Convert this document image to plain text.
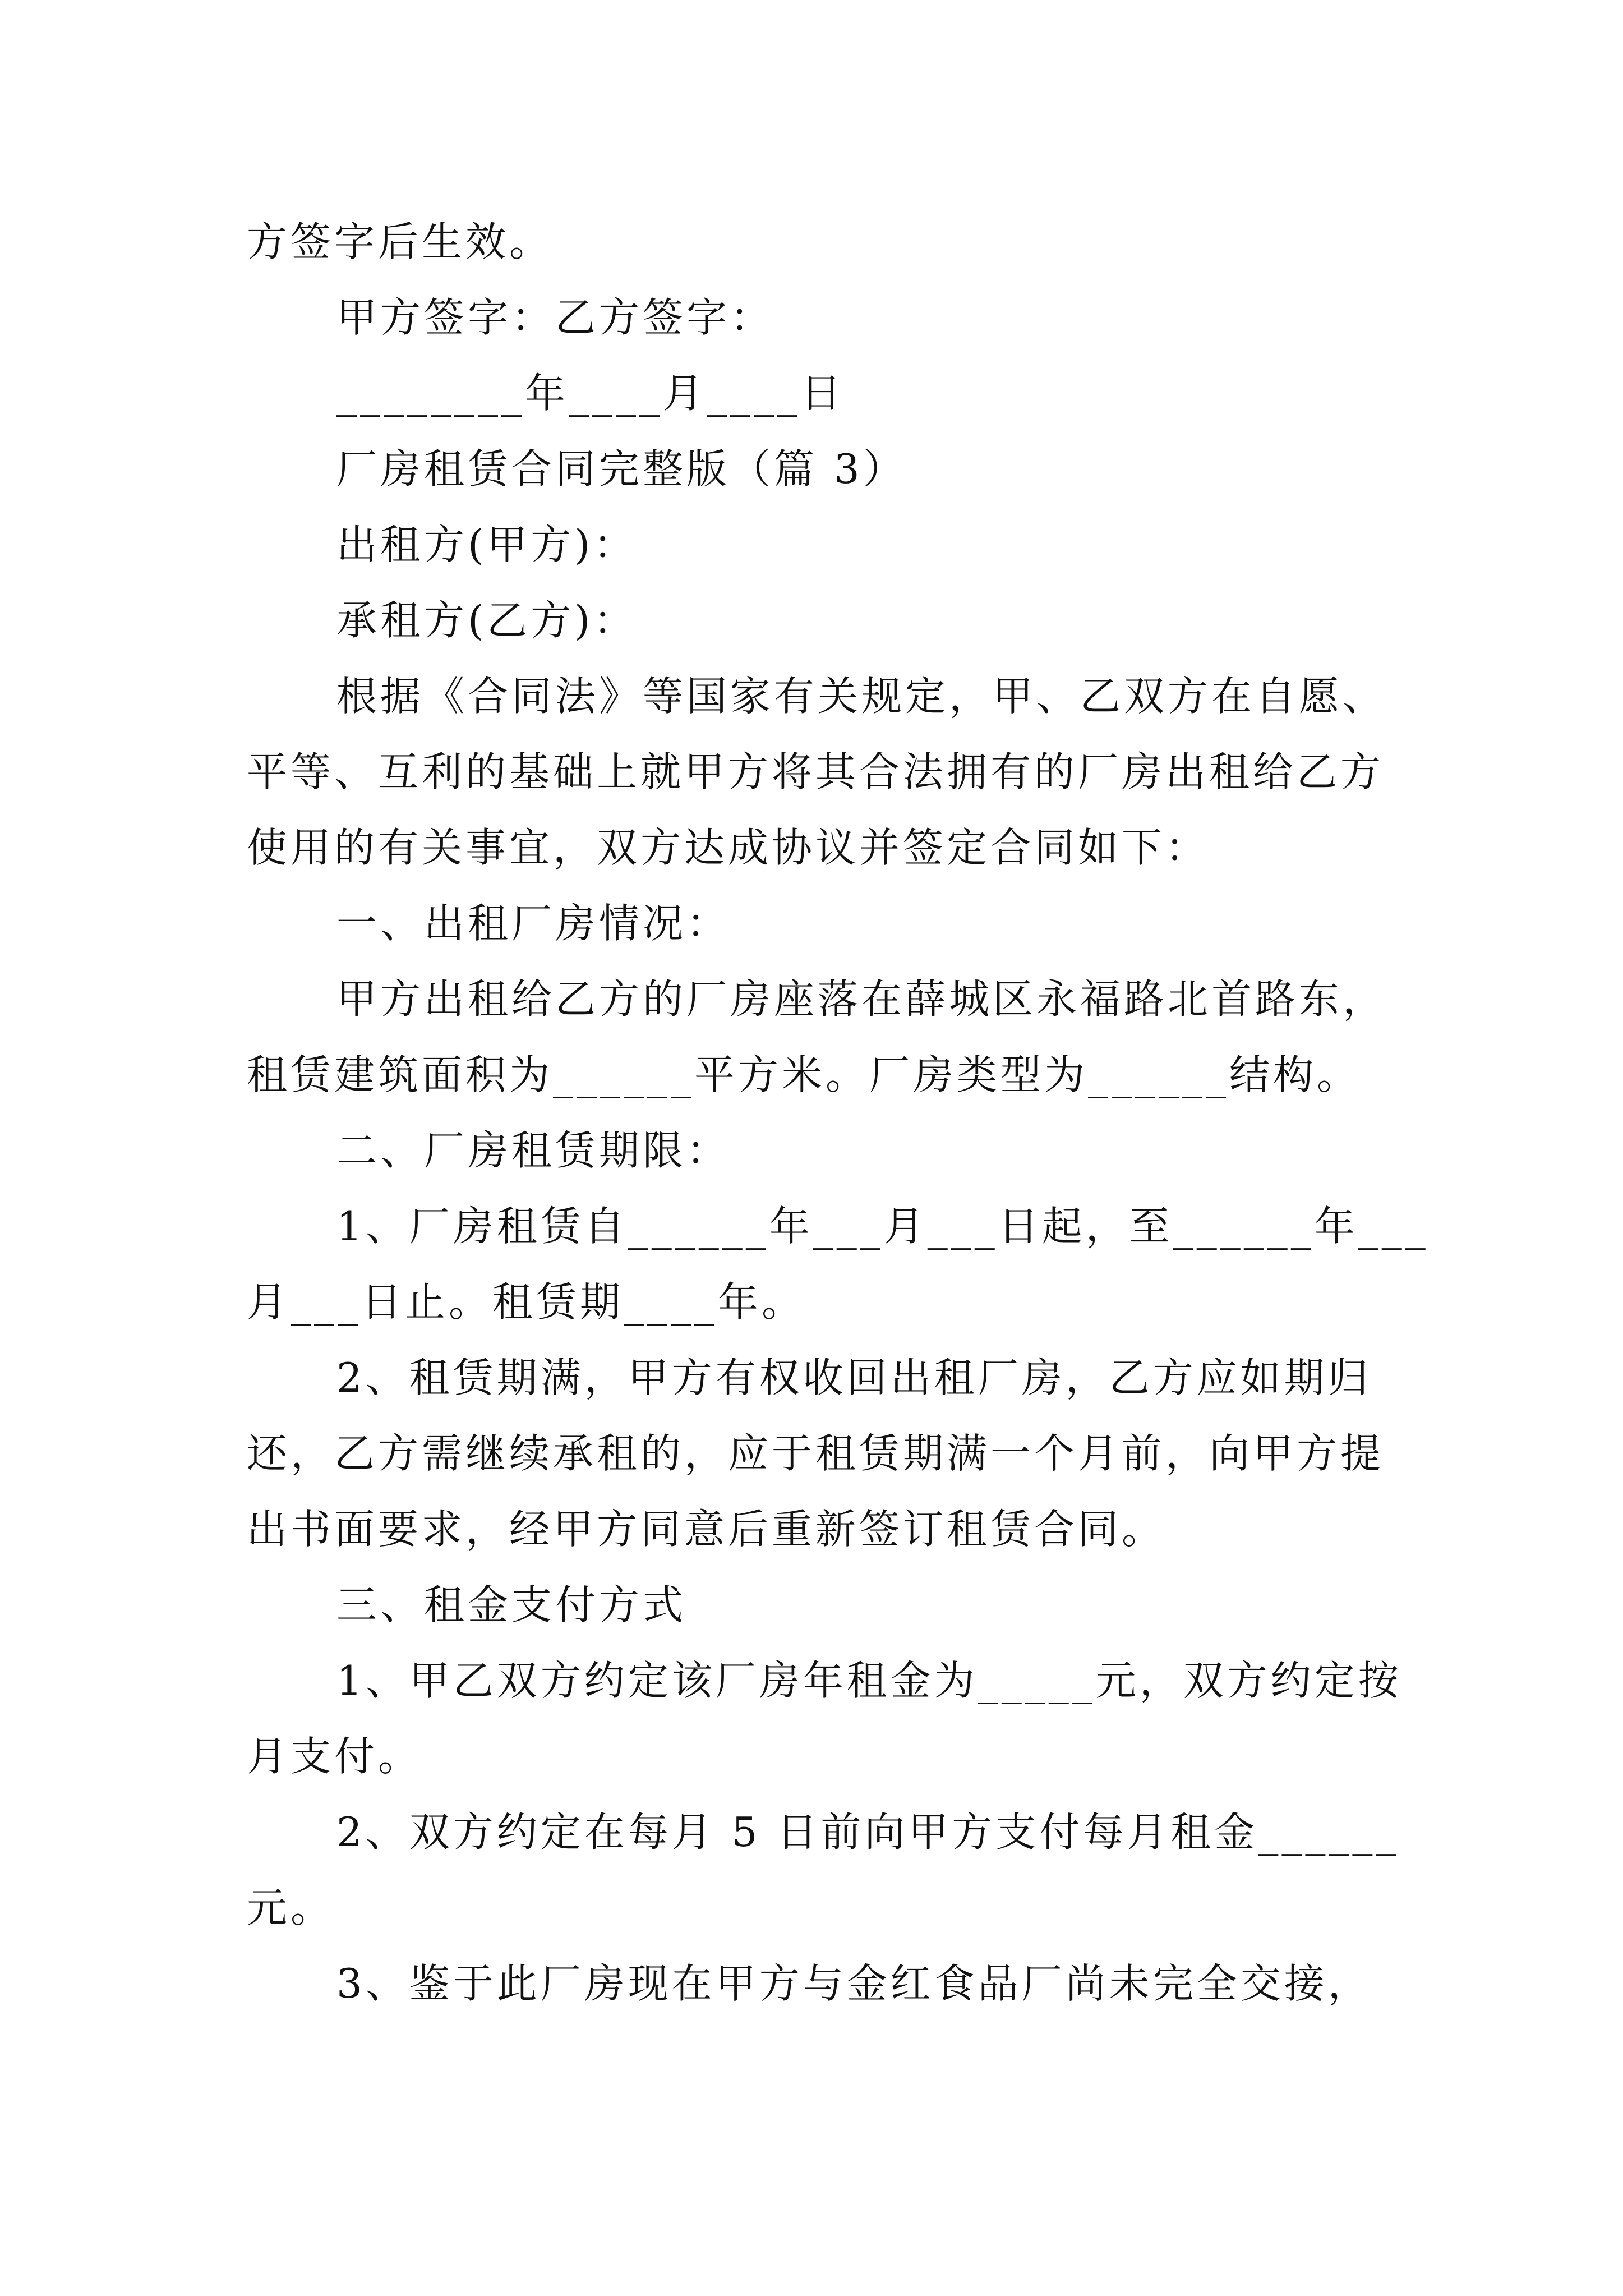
方签字后生效。
甲方签字：乙方签字：
________年____月____日
厂房租赁合同完整版（篇 3）
出租方(甲方)：
承租方(乙方)：
根据《合同法》等国家有关规定，甲、乙双方在自愿、
平等、互利的基础上就甲方将其合法拥有的厂房出租给乙方
使用的有关事宜，双方达成协议并签定合同如下：
一、出租厂房情况：
甲方出租给乙方的厂房座落在薛城区永福路北首路东，
租赁建筑面积为______平方米。厂房类型为______结构。
二、厂房租赁期限：
1、厂房租赁自______年___月___日起，至______年___
月___日止。租赁期____年。
2、租赁期满，甲方有权收回出租厂房，乙方应如期归
还，乙方需继续承租的，应于租赁期满一个月前，向甲方提
出书面要求，经甲方同意后重新签订租赁合同。
三、租金支付方式
1、甲乙双方约定该厂房年租金为_____元，双方约定按
月支付。
2、双方约定在每月 5 日前向甲方支付每月租金______
元。
3、鉴于此厂房现在甲方与金红食品厂尚未完全交接，
